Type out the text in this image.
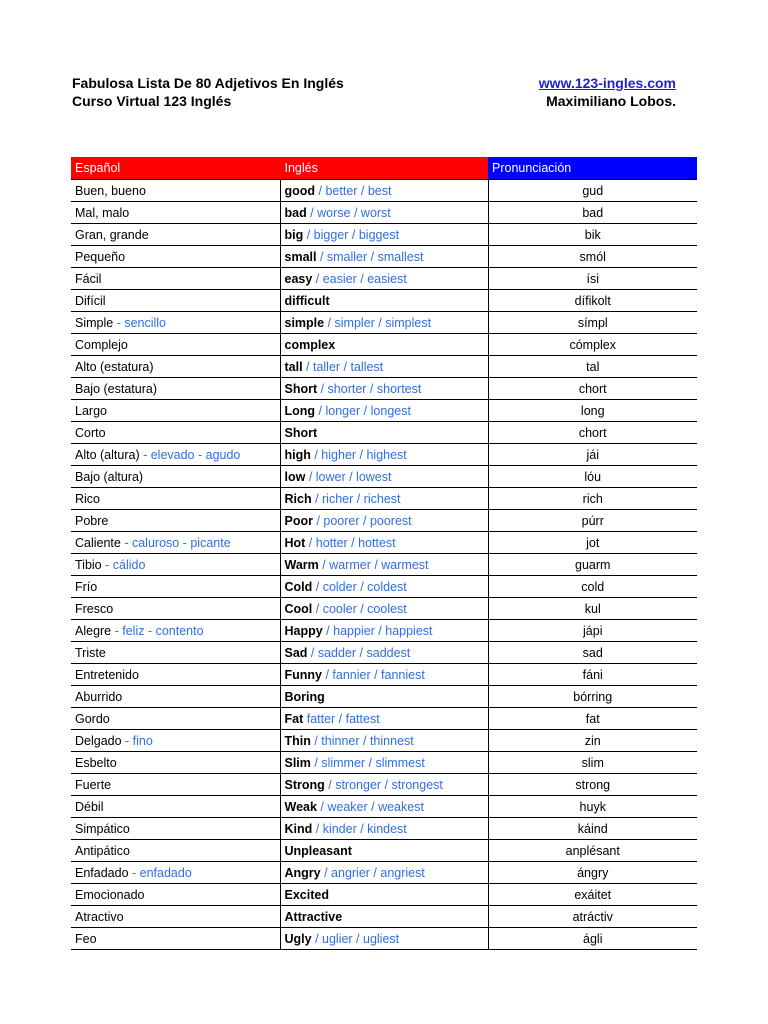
Fabulosa Lista De 80 Adjetivos En Inglés	www.123-ingles.com
Curso Virtual 123 Inglés	Maximiliano Lobos.
Español	Inglés	Pronunciación
Buen, bueno	good / better / best	gud
Mal, malo	bad / worse / worst	bad
Gran, grande	big / bigger / biggest	bik
Pequeño	small / smaller / smallest	smól
Fácil	easy / easier / easiest	ísi
Difícil	difficult	dífikolt
Simple - sencillo	simple / simpler / simplest	símpl
Complejo	complex	cómplex
Alto (estatura)	tall / taller / tallest	tal
Bajo (estatura)	Short / shorter / shortest	chort
Largo	Long / longer / longest	long
Corto	Short	chort
Alto (altura) - elevado - agudo	high / higher / highest	jái
Bajo (altura)	low / lower / lowest	lóu
Rico	Rich / richer / richest	rich
Pobre	Poor / poorer / poorest	púrr
Caliente - caluroso - picante	Hot / hotter / hottest	jot
Tibio - cálido	Warm / warmer / warmest	guarm
Frío	Cold / colder / coldest	cold
Fresco	Cool / cooler / coolest	kul
Alegre - feliz - contento	Happy / happier / happiest	jápi
Triste	Sad / sadder / saddest	sad
Entretenido	Funny / fannier / fanniest	fáni
Aburrido	Boring	bórring
Gordo	Fat fatter / fattest	fat
Delgado - fino	Thin / thinner / thinnest	zin
Esbelto	Slim / slimmer / slimmest	slim
Fuerte	Strong / stronger / strongest	strong
Débil	Weak / weaker / weakest	huyk
Simpático	Kind / kinder / kindest	káind
Antipático	Unpleasant	anplésant
Enfadado - enfadado	Angry / angrier / angriest	ángry
Emocionado	Excited	exáitet
Atractivo	Attractive	atráctiv
Feo	Ugly / uglier / ugliest	ágli
